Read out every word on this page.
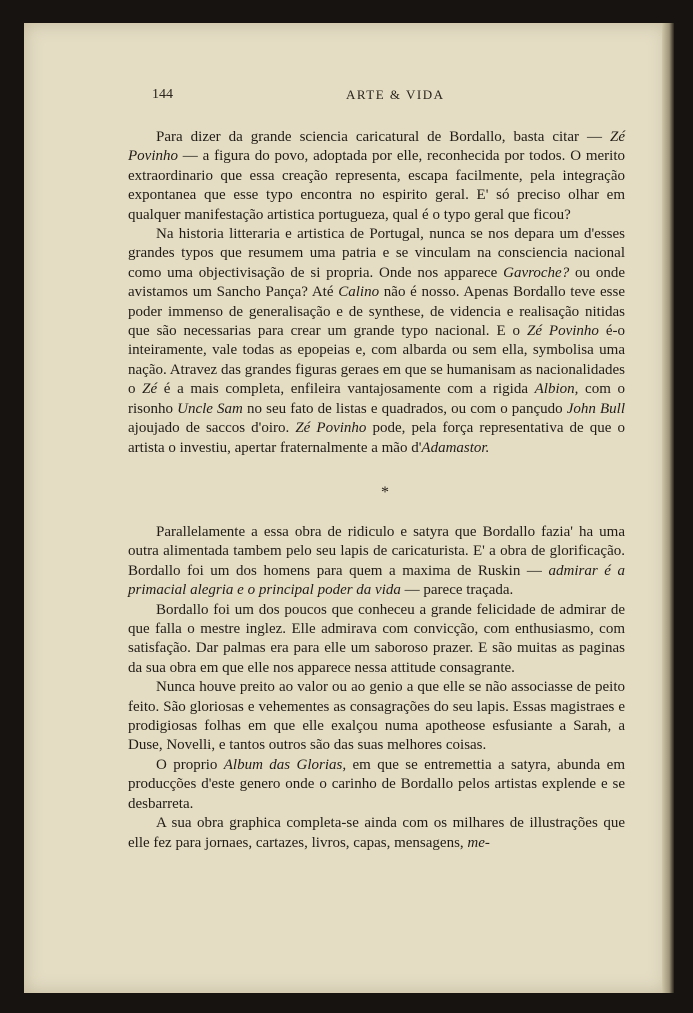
144	ARTE & VIDA

Para dizer da grande sciencia caricatural de Bordallo, basta citar — Zé Povinho — a figura do povo, adoptada por elle, reconhecida por todos. O merito extraordinario que essa creação representa, escapa facilmente, pela integração expontanea que esse typo encontra no espirito geral. E' só preciso olhar em qualquer manifestação artistica portugueza, qual é o typo geral que ficou?

Na historia litteraria e artistica de Portugal, nunca se nos depara um d'esses grandes typos que resumem uma patria e se vinculam na consciencia nacional como uma objectivisação de si propria. Onde nos apparece Gavroche? ou onde avistamos um Sancho Pança? Até Calino não é nosso. Apenas Bordallo teve esse poder immenso de generalisação e de synthese, de videncia e realisação nitidas que são necessarias para crear um grande typo nacional. E o Zé Povinho é-o inteiramente, vale todas as epopeias e, com albarda ou sem ella, symbolisa uma nação. Atravez das grandes figuras geraes em que se humanisam as nacionalidades o Zé é a mais completa, enfileira vantajosamente com a rigida Albion, com o risonho Uncle Sam no seu fato de listas e quadrados, ou com o pançudo John Bull ajoujado de saccos d'oiro. Zé Povinho pode, pela força representativa de que o artista o investiu, apertar fraternalmente a mão d'Adamastor.

*

Parallelamente a essa obra de ridiculo e satyra que Bordallo fazia' ha uma outra alimentada tambem pelo seu lapis de caricaturista. E' a obra de glorificação. Bordallo foi um dos homens para quem a maxima de Ruskin — admirar é a primacial alegria e o principal poder da vida — parece traçada.

Bordallo foi um dos poucos que conheceu a grande felicidade de admirar de que falla o mestre inglez. Elle admirava com convicção, com enthusiasmo, com satisfação. Dar palmas era para elle um saboroso prazer. E são muitas as paginas da sua obra em que elle nos apparece nessa attitude consagrante.

Nunca houve preito ao valor ou ao genio a que elle se não associasse de peito feito. São gloriosas e vehementes as consagrações do seu lapis. Essas magistraes e prodigiosas folhas em que elle exalçou numa apotheose esfusiante a Sarah, a Duse, Novelli, e tantos outros são das suas melhores coisas.

O proprio Album das Glorias, em que se entremettia a satyra, abunda em producções d'este genero onde o carinho de Bordallo pelos artistas explende e se desbarreta.

A sua obra graphica completa-se ainda com os milhares de illustrações que elle fez para jornaes, cartazes, livros, capas, mensagens, me-
